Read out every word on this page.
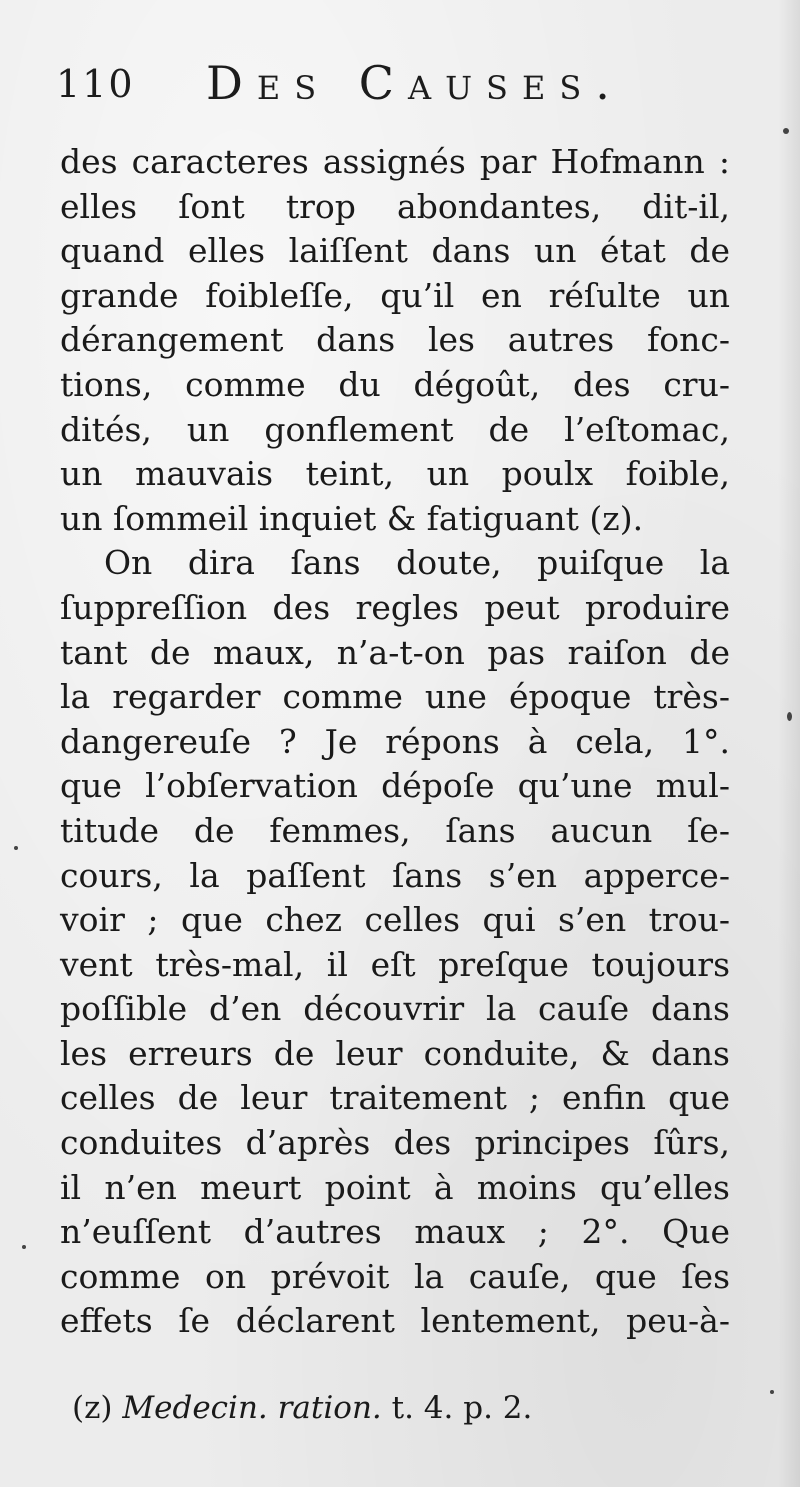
110 Des Causes.
des caracteres assignés par Hofmann :
elles ſont trop abondantes, dit-il,
quand elles laiſſent dans un état de
grande foibleſſe, qu’il en réſulte un
dérangement dans les autres fonc-
tions, comme du dégoût, des cru-
dités, un gonflement de l’eſtomac,
un mauvais teint, un poulx foible,
un ſommeil inquiet & fatiguant (z).
On dira ſans doute, puiſque la
ſuppreſſion des regles peut produire
tant de maux, n’a-t-on pas raiſon de
la regarder comme une époque très-
dangereuſe ? Je répons à cela, 1°.
que l’obſervation dépoſe qu’une mul-
titude de femmes, ſans aucun ſe-
cours, la paſſent ſans s’en apperce-
voir ; que chez celles qui s’en trou-
vent très-mal, il eſt preſque toujours
poſſible d’en découvrir la cauſe dans
les erreurs de leur conduite, & dans
celles de leur traitement ; enfin que
conduites d’après des principes ſûrs,
il n’en meurt point à moins qu’elles
n’euſſent d’autres maux ; 2°. Que
comme on prévoit la cauſe, que ſes
effets ſe déclarent lentement, peu-à-
(z) Medecin. ration. t. 4. p. 2.
